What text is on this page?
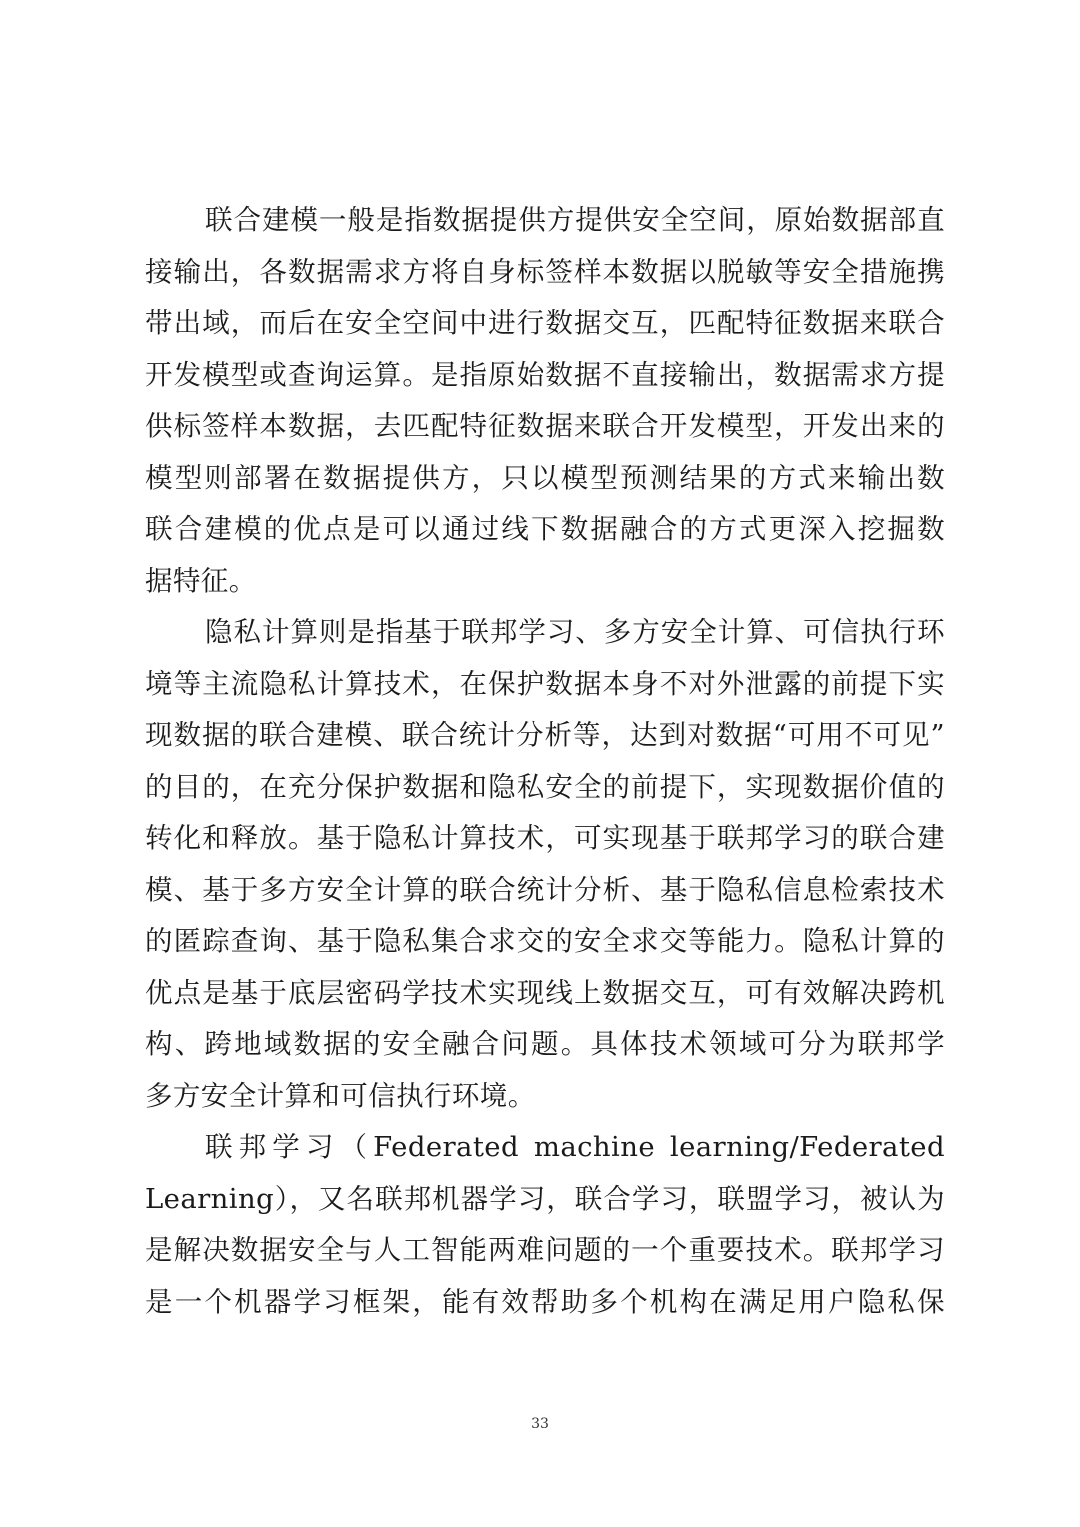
联合建模一般是指数据提供方提供安全空间，原始数据部直
接输出，各数据需求方将自身标签样本数据以脱敏等安全措施携
带出域，而后在安全空间中进行数据交互，匹配特征数据来联合
开发模型或查询运算。是指原始数据不直接输出，数据需求方提
供标签样本数据，去匹配特征数据来联合开发模型，开发出来的
模型则部署在数据提供方，只以模型预测结果的方式来输出数
联合建模的优点是可以通过线下数据融合的方式更深入挖掘数
据特征。
隐私计算则是指基于联邦学习、多方安全计算、可信执行环
境等主流隐私计算技术，在保护数据本身不对外泄露的前提下实
现数据的联合建模、联合统计分析等，达到对数据“可用不可见”
的目的，在充分保护数据和隐私安全的前提下，实现数据价值的
转化和释放。基于隐私计算技术，可实现基于联邦学习的联合建
模、基于多方安全计算的联合统计分析、基于隐私信息检索技术
的匿踪查询、基于隐私集合求交的安全求交等能力。隐私计算的
优点是基于底层密码学技术实现线上数据交互，可有效解决跨机
构、跨地域数据的安全融合问题。具体技术领域可分为联邦学
多方安全计算和可信执行环境。
联邦学习（Federated machine learning/Federated
Learning），又名联邦机器学习，联合学习，联盟学习，被认为
是解决数据安全与人工智能两难问题的一个重要技术。联邦学习
是一个机器学习框架，能有效帮助多个机构在满足用户隐私保
33
